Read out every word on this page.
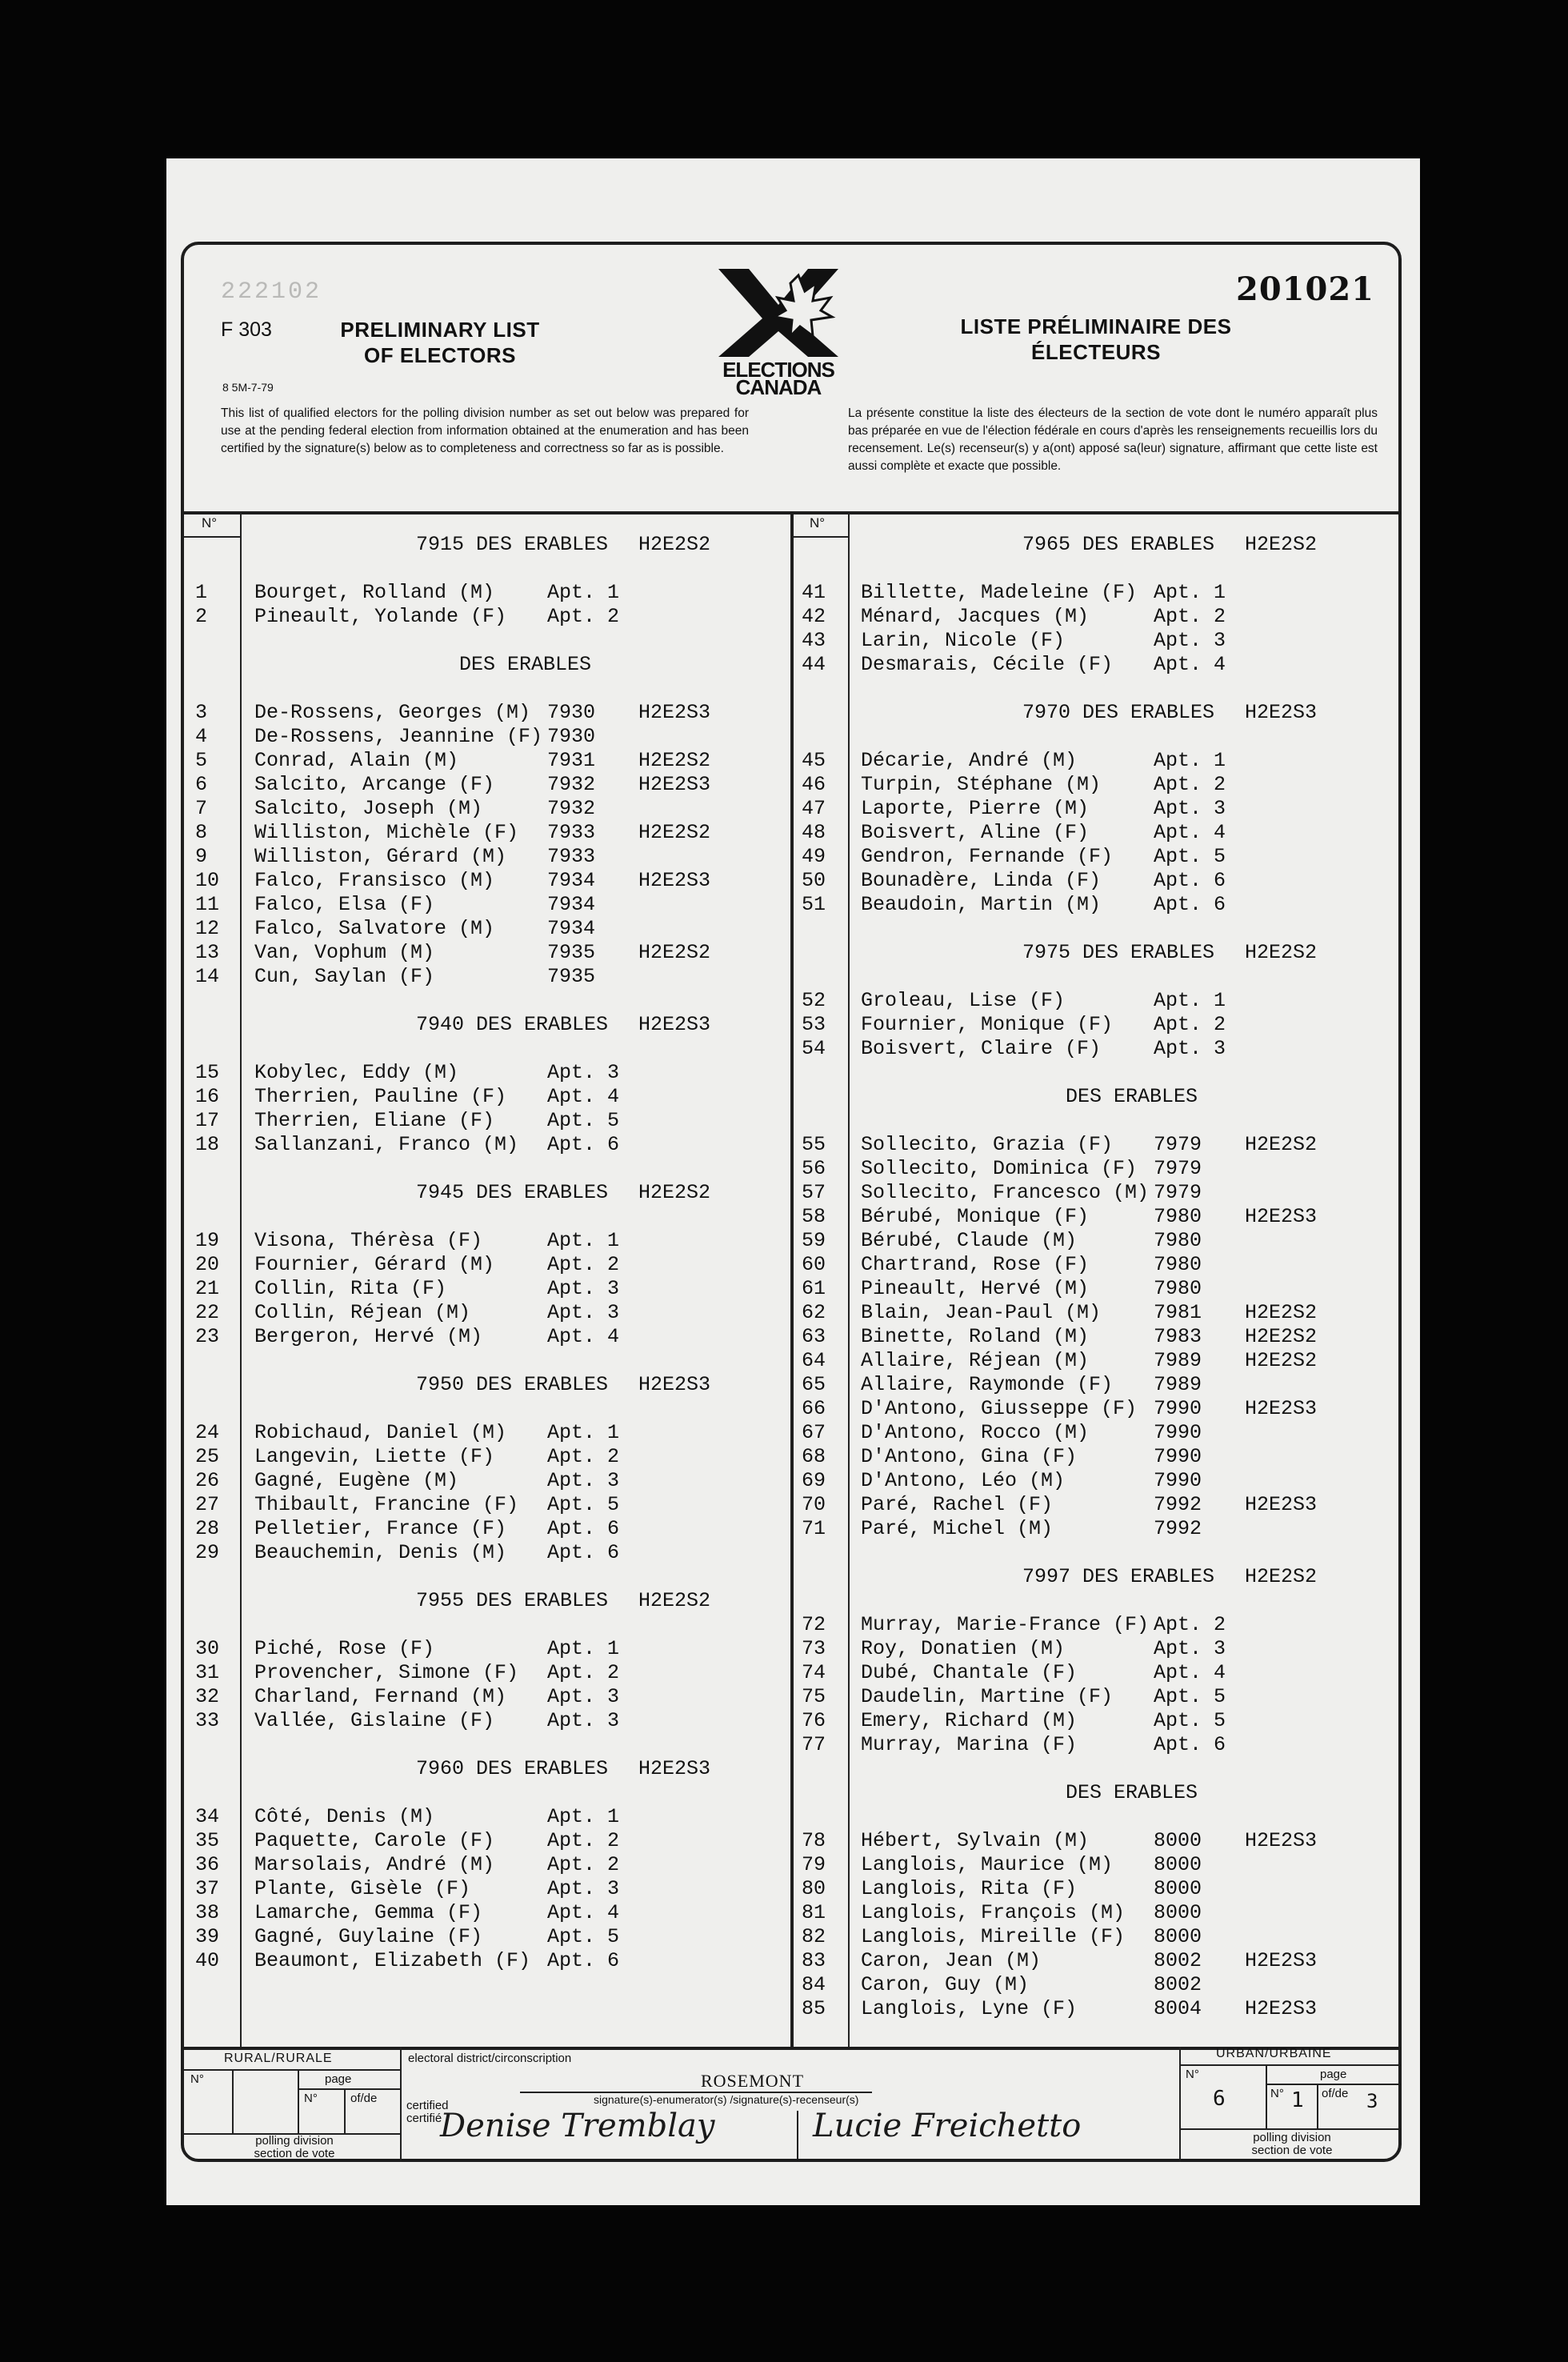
222102	201021
F 303
8 5M-7-79
PRELIMINARY LIST OF ELECTORS
LISTE PRÉLIMINAIRE DES ÉLECTEURS
ELECTIONS
CANADA
This list of qualified electors for the polling division number as set out below was prepared for use at the pending federal election from information obtained at the enumeration and has been certified by the signature(s) below as to completeness and correctness so far as is possible.
La présente constitue la liste des électeurs de la section de vote dont le numéro apparaît plus bas préparée en vue de l'élection fédérale en cours d'après les renseignements recueillis lors du recensement. Le(s) recenseur(s) y a(ont) apposé sa(leur) signature, affirmant que cette liste est aussi complète et exacte que possible.
N°	N°
7915 DES ERABLES H2E2S2
1	Bourget, Rolland (M)	Apt. 1
2	Pineault, Yolande (F) Apt. 2
DES ERABLES
3	De-Rossens, Georges (M) 7930 H2E2S3
4	De-Rossens, Jeannine (F) 7930
5	Conrad, Alain (M)	7931 H2E2S2
6	Salcito, Arcange (F)	7932 H2E2S3
7	Salcito, Joseph (M)	7932
8	Williston, Michèle (F) 7933 H2E2S2
9	Williston, Gérard (M) 7933
10	Falco, Fransisco (M)	7934 H2E2S3
11	Falco, Elsa (F)	7934
12	Falco, Salvatore (M)	7934
13	Van, Vophum (M)	7935 H2E2S2
14	Cun, Saylan (F)	7935
7940 DES ERABLES H2E2S3
15	Kobylec, Eddy (M)	Apt. 3
16	Therrien, Pauline (F) Apt. 4
17	Therrien, Eliane (F)	Apt. 5
18	Sallanzani, Franco (M) Apt. 6
7945 DES ERABLES H2E2S2
19	Visona, Thérèsa (F)	Apt. 1
20	Fournier, Gérard (M)	Apt. 2
21	Collin, Rita (F)	Apt. 3
22	Collin, Réjean (M)	Apt. 3
23	Bergeron, Hervé (M)	Apt. 4
7950 DES ERABLES H2E2S3
24	Robichaud, Daniel (M) Apt. 1
25	Langevin, Liette (F)	Apt. 2
26	Gagné, Eugène (M)	Apt. 3
27	Thibault, Francine (F) Apt. 5
28	Pelletier, France (F) Apt. 6
29	Beauchemin, Denis (M) Apt. 6
7955 DES ERABLES H2E2S2
30	Piché, Rose (F)	Apt. 1
31	Provencher, Simone (F) Apt. 2
32	Charland, Fernand (M) Apt. 3
33	Vallée, Gislaine (F)	Apt. 3
7960 DES ERABLES H2E2S3
34	Côté, Denis (M)	Apt. 1
35	Paquette, Carole (F)	Apt. 2
36	Marsolais, André (M)	Apt. 2
37	Plante, Gisèle (F)	Apt. 3
38	Lamarche, Gemma (F)	Apt. 4
39	Gagné, Guylaine (F)	Apt. 5
40	Beaumont, Elizabeth (F) Apt. 6
7965 DES ERABLES H2E2S2
41	Billette, Madeleine (F) Apt. 1
42	Ménard, Jacques (M)	Apt. 2
43	Larin, Nicole (F)	Apt. 3
44	Desmarais, Cécile (F) Apt. 4
7970 DES ERABLES H2E2S3
45	Décarie, André (M)	Apt. 1
46	Turpin, Stéphane (M)	Apt. 2
47	Laporte, Pierre (M)	Apt. 3
48	Boisvert, Aline (F)	Apt. 4
49	Gendron, Fernande (F) Apt. 5
50	Bounadère, Linda (F)	Apt. 6
51	Beaudoin, Martin (M)	Apt. 6
7975 DES ERABLES H2E2S2
52	Groleau, Lise (F)	Apt. 1
53	Fournier, Monique (F) Apt. 2
54	Boisvert, Claire (F)	Apt. 3
DES ERABLES
55	Sollecito, Grazia (F) 7979 H2E2S2
56	Sollecito, Dominica (F) 7979
57	Sollecito, Francesco (M) 7979
58	Bérubé, Monique (F)	7980 H2E2S3
59	Bérubé, Claude (M)	7980
60	Chartrand, Rose (F)	7980
61	Pineault, Hervé (M)	7980
62	Blain, Jean-Paul (M)	7981 H2E2S2
63	Binette, Roland (M)	7983 H2E2S2
64	Allaire, Réjean (M)	7989 H2E2S2
65	Allaire, Raymonde (F) 7989
66	D'Antono, Giusseppe (F) 7990 H2E2S3
67	D'Antono, Rocco (M)	7990
68	D'Antono, Gina (F)	7990
69	D'Antono, Léo (M)	7990
70	Paré, Rachel (F)	7992 H2E2S3
71	Paré, Michel (M)	7992
7997 DES ERABLES H2E2S2
72	Murray, Marie-France (F) Apt. 2
73	Roy, Donatien (M)	Apt. 3
74	Dubé, Chantale (F)	Apt. 4
75	Daudelin, Martine (F) Apt. 5
76	Emery, Richard (M)	Apt. 5
77	Murray, Marina (F)	Apt. 6
DES ERABLES
78	Hébert, Sylvain (M)	8000 H2E2S3
79	Langlois, Maurice (M) 8000
80	Langlois, Rita (F)	8000
81	Langlois, François (M) 8000
82	Langlois, Mireille (F) 8000
83	Caron, Jean (M)	8002 H2E2S3
84	Caron, Guy (M)	8002
85	Langlois, Lyne (F)	8004 H2E2S3
RURAL/RURALE
N°	page
N°	of/de
polling division
section de vote
electoral district/circonscription
ROSEMONT
signature(s)-enumerator(s) /signature(s)-recenseur(s)
certified
certifié
Denise Tremblay	Lucie Freichetto
URBAN/URBAINE
N°	page
6	N° 1 of/de 3
polling division
section de vote
